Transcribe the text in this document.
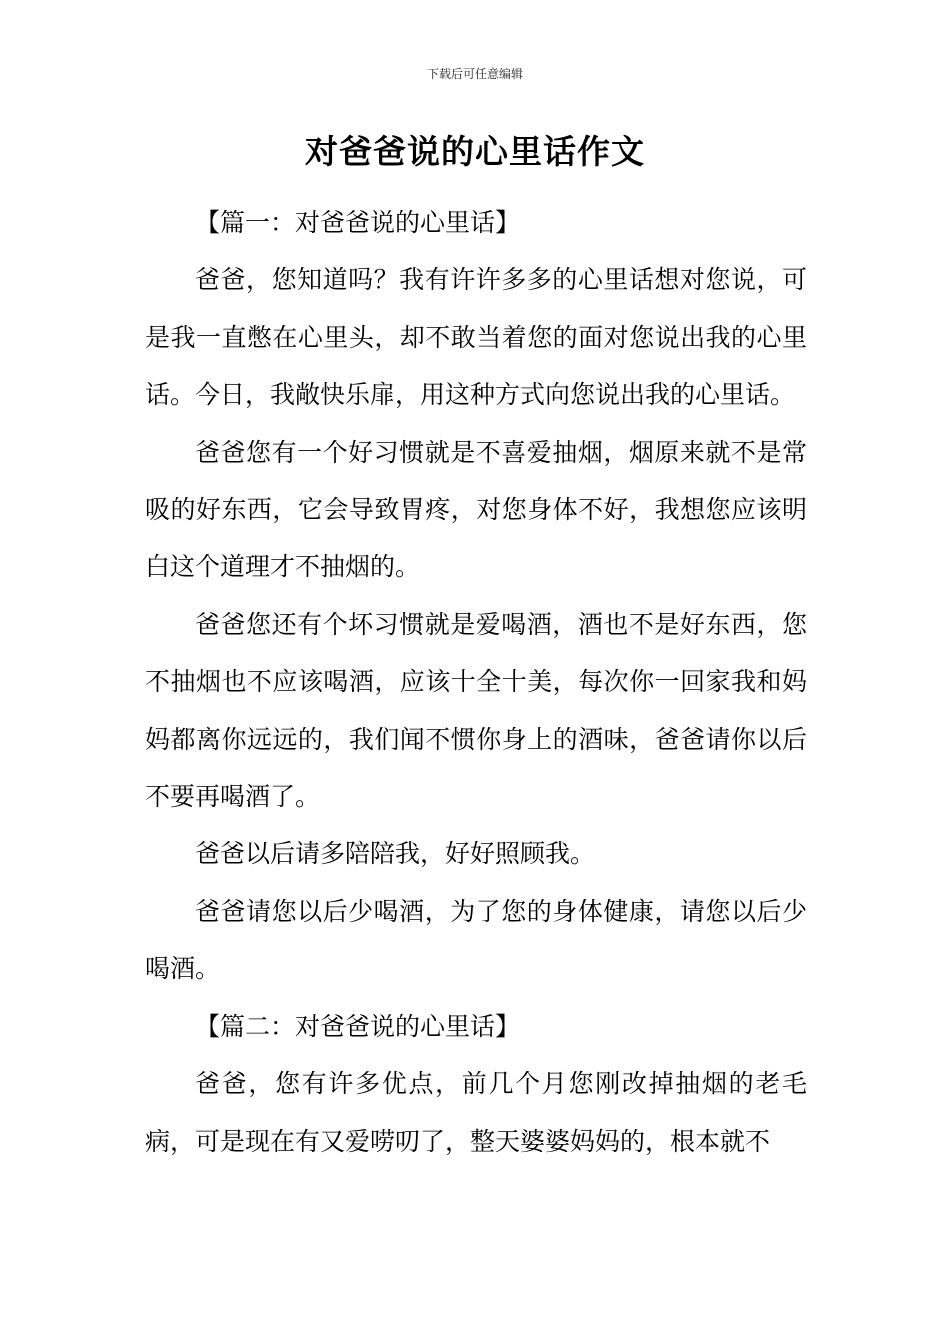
下载后可任意编辑
对爸爸说的心里话作文

【篇一：对爸爸说的心里话】

爸爸，您知道吗？我有许许多多的心里话想对您说，可是我一直憋在心里头，却不敢当着您的面对您说出我的心里话。今日，我敞快乐扉，用这种方式向您说出我的心里话。

爸爸您有一个好习惯就是不喜爱抽烟，烟原来就不是常吸的好东西，它会导致胃疼，对您身体不好，我想您应该明白这个道理才不抽烟的。

爸爸您还有个坏习惯就是爱喝酒，酒也不是好东西，您不抽烟也不应该喝酒，应该十全十美，每次你一回家我和妈妈都离你远远的，我们闻不惯你身上的酒味，爸爸请你以后不要再喝酒了。

爸爸以后请多陪陪我，好好照顾我。

爸爸请您以后少喝酒，为了您的身体健康，请您以后少喝酒。

【篇二：对爸爸说的心里话】

爸爸，您有许多优点，前几个月您刚改掉抽烟的老毛病，可是现在有又爱唠叨了，整天婆婆妈妈的，根本就不
